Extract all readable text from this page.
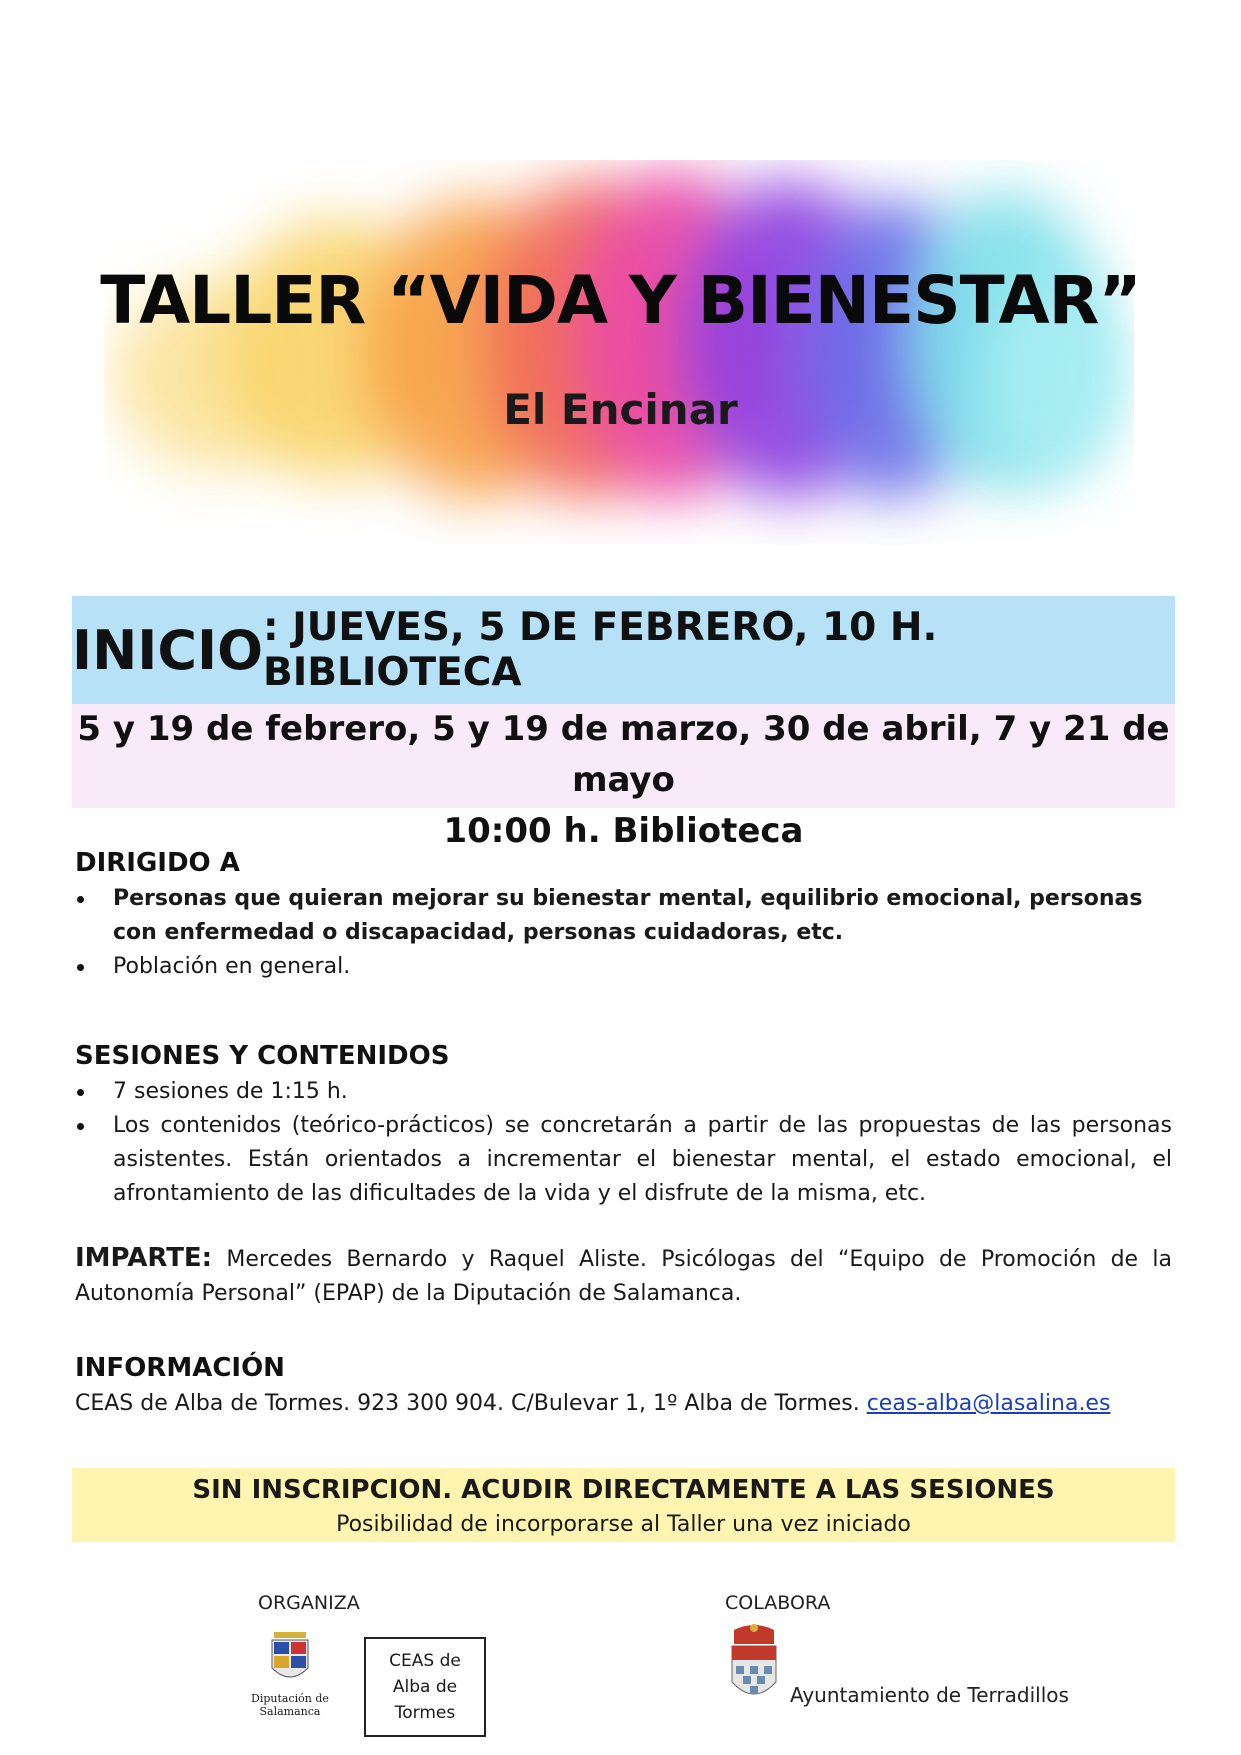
TALLER “VIDA Y BIENESTAR”
El Encinar
INICIO : JUEVES, 5 DE FEBRERO, 10 H. BIBLIOTECA
5 y 19 de febrero, 5 y 19 de marzo, 30 de abril, 7 y 21 de mayo
10:00 h. Biblioteca
DIRIGIDO A
Personas que quieran mejorar su bienestar mental, equilibrio emocional, personas con enfermedad o discapacidad, personas cuidadoras, etc.
Población en general.
SESIONES Y CONTENIDOS
7 sesiones de 1:15 h.
Los contenidos (teórico-prácticos) se concretarán a partir de las propuestas de las personas asistentes. Están orientados a incrementar el bienestar mental, el estado emocional, el afrontamiento de las dificultades de la vida y el disfrute de la misma, etc.
IMPARTE: Mercedes Bernardo y Raquel Aliste. Psicólogas del “Equipo de Promoción de la Autonomía Personal” (EPAP) de la Diputación de Salamanca.
INFORMACIÓN
CEAS de Alba de Tormes. 923 300 904. C/Bulevar 1, 1º Alba de Tormes. ceas-alba@lasalina.es
SIN INSCRIPCION. ACUDIR DIRECTAMENTE A LAS SESIONES
Posibilidad de incorporarse al Taller una vez iniciado
ORGANIZA	COLABORA
Diputación de Salamanca
CEAS de
Alba de
Tormes
Ayuntamiento de Terradillos
